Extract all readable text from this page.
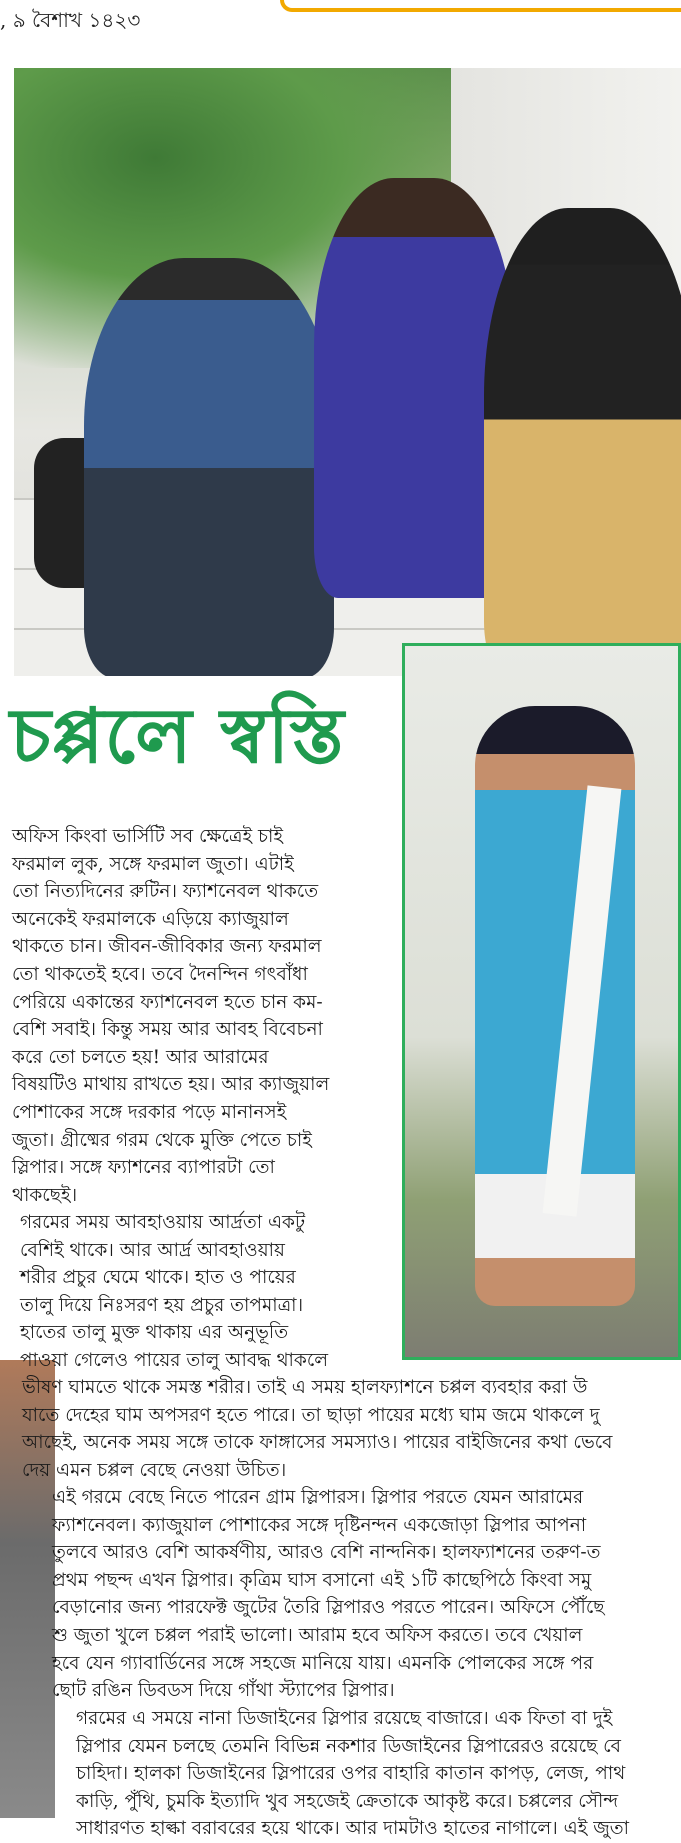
, ৯ বৈশাখ ১৪২৩
চপ্পলে স্বস্তি

অফিস কিংবা ভার্সিটি সব ক্ষেত্রেই চাই
ফরমাল লুক, সঙ্গে ফরমাল জুতা। এটাই
তো নিত্যদিনের রুটিন। ফ্যাশনেবল থাকতে
অনেকেই ফরমালকে এড়িয়ে ক্যাজুয়াল
থাকতে চান। জীবন-জীবিকার জন্য ফরমাল
তো থাকতেই হবে। তবে দৈনন্দিন গৎবাঁধা
পেরিয়ে একান্তের ফ্যাশনেবল হতে চান কম-
বেশি সবাই। কিন্তু সময় আর আবহ বিবেচনা
করে তো চলতে হয়! আর আরামের
বিষয়টিও মাথায় রাখতে হয়। আর ক্যাজুয়াল
পোশাকের সঙ্গে দরকার পড়ে মানানসই
জুতা। গ্রীষ্মের গরম থেকে মুক্তি পেতে চাই
স্লিপার। সঙ্গে ফ্যাশনের ব্যাপারটা তো
থাকছেই।

গরমের সময় আবহাওয়ায় আর্দ্রতা একটু
বেশিই থাকে। আর আর্দ্র আবহাওয়ায়
শরীর প্রচুর ঘেমে থাকে। হাত ও পায়ের
তালু দিয়ে নিঃসরণ হয় প্রচুর তাপমাত্রা।
হাতের তালু মুক্ত থাকায় এর অনুভূতি
পাওয়া গেলেও পায়ের তালু আবদ্ধ থাকলে

ভীষণ ঘামতে থাকে সমস্ত শরীর। তাই এ সময় হালফ্যাশনে চপ্পল ব্যবহার করা উ
যাতে দেহের ঘাম অপসরণ হতে পারে। তা ছাড়া পায়ের মধ্যে ঘাম জমে থাকলে দু
আছেই, অনেক সময় সঙ্গে তাকে ফাঙ্গাসের সমস্যাও। পায়ের বাইজিনের কথা ভেবে
দেয় এমন চপ্পল বেছে নেওয়া উচিত।

এই গরমে বেছে নিতে পারেন গ্রাম স্লিপারস। স্লিপার পরতে যেমন আরামের
ফ্যাশনেবল। ক্যাজুয়াল পোশাকের সঙ্গে দৃষ্টিনন্দন একজোড়া স্লিপার আপনা
তুলবে আরও বেশি আকর্ষণীয়, আরও বেশি নান্দনিক। হালফ্যাশনের তরুণ-ত
প্রথম পছন্দ এখন স্লিপার। কৃত্রিম ঘাস বসানো এই ১টি কাছেপিঠে কিংবা সমু
বেড়ানোর জন্য পারফেক্ট জুটের তৈরি স্লিপারও পরতে পারেন। অফিসে পৌঁছে
শু জুতা খুলে চপ্পল পরাই ভালো। আরাম হবে অফিস করতে। তবে খেয়াল
হবে যেন গ্যাবার্ডিনের সঙ্গে সহজে মানিয়ে যায়। এমনকি পোলকের সঙ্গে পর
ছোট রঙিন ডিবডস দিয়ে গাঁথা স্ট্যাপের স্লিপার।

গরমের এ সময়ে নানা ডিজাইনের স্লিপার রয়েছে বাজারে। এক ফিতা বা দুই
স্লিপার যেমন চলছে তেমনি বিভিন্ন নকশার ডিজাইনের স্লিপারেরও রয়েছে বে
চাহিদা। হালকা ডিজাইনের স্লিপারের ওপর বাহারি কাতান কাপড়, লেজ, পাথ
কাড়ি, পুঁথি, চুমকি ইত্যাদি খুব সহজেই ক্রেতাকে আকৃষ্ট করে। চপ্পলের সৌন্দ
সাধারণত হাল্কা বরাবরের হয়ে থাকে। আর দামটাও হাতের নাগালে। এই জুতা
